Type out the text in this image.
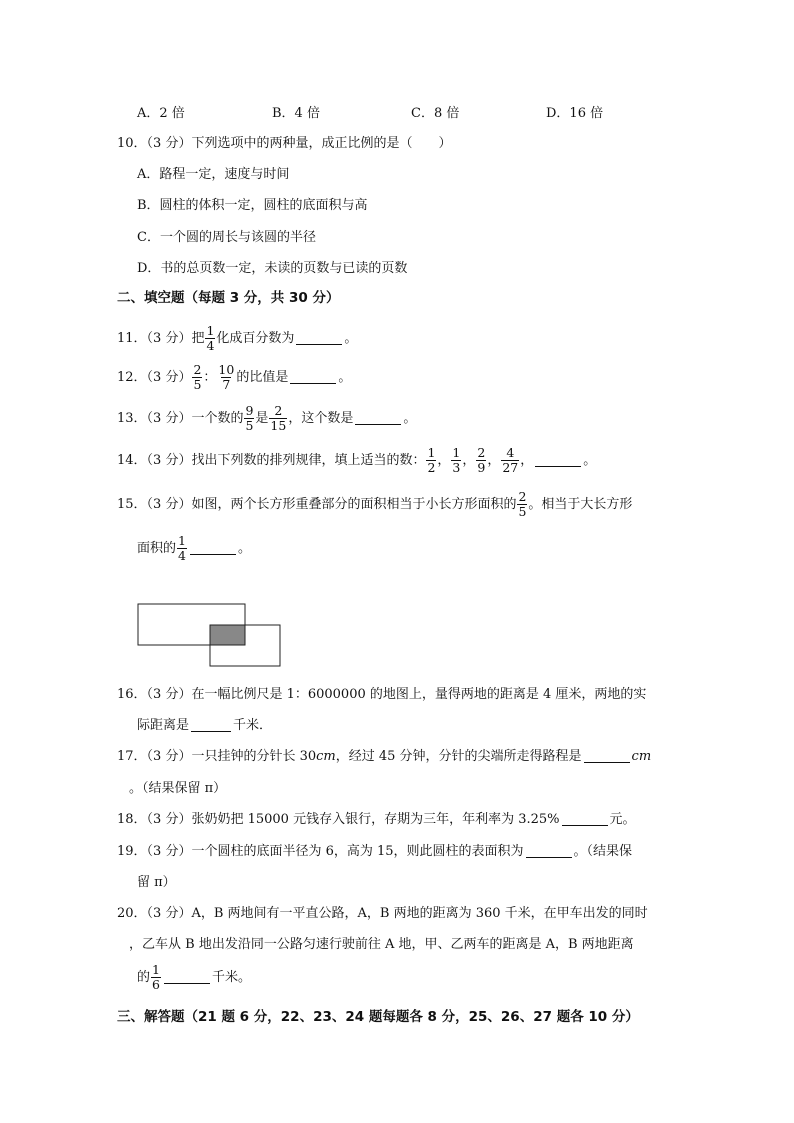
A．2 倍	B．4 倍	C．8 倍	D．16 倍
10．（3 分）下列选项中的两种量，成正比例的是（　　）
A．路程一定，速度与时间
B．圆柱的体积一定，圆柱的底面积与高
C．一个圆的周长与该圆的半径
D．书的总页数一定，未读的页数与已读的页数
二、填空题（每题 3 分，共 30 分）
11．（3 分）把 $\frac{1}{4}$ 化成百分数为	。
12．（3 分） $\frac{2}{5}$ ： $\frac{10}{7}$ 的比值是	。
13．（3 分）一个数的 $\frac{9}{5}$ 是 $\frac{2}{15}$ ，这个数是	。
14．（3 分）找出下列数的排列规律，填上适当的数： $\frac{1}{2}$ ， $\frac{1}{3}$ ， $\frac{2}{9}$ ， $\frac{4}{27}$ ，	。
15．（3 分）如图，两个长方形重叠部分的面积相当于小长方形面积的 $\frac{2}{5}$ 。相当于大长方形
面积的 $\frac{1}{4}$	。
16．（3 分）在一幅比例尺是 1：6000000 的地图上，量得两地的距离是 4 厘米，两地的实
际距离是	千米．
17．（3 分）一只挂钟的分针长 30 cm ，经过 45 分钟，分针的尖端所走得路程是	cm
。（结果保留 π）
18．（3 分）张奶奶把 15000 元钱存入银行，存期为三年，年利率为 3.25%	元。
19．（3 分）一个圆柱的底面半径为 6，高为 15，则此圆柱的表面积为	。（结果保
留 π）
20．（3 分）A，B 两地间有一平直公路，A，B 两地的距离为 360 千米，在甲车出发的同时
，乙车从 B 地出发沿同一公路匀速行驶前往 A 地，甲、乙两车的距离是 A，B 两地距离
的 $\frac{1}{6}$	千米。
三、解答题（21 题 6 分，22、23、24 题每题各 8 分，25、26、27 题各 10 分）
